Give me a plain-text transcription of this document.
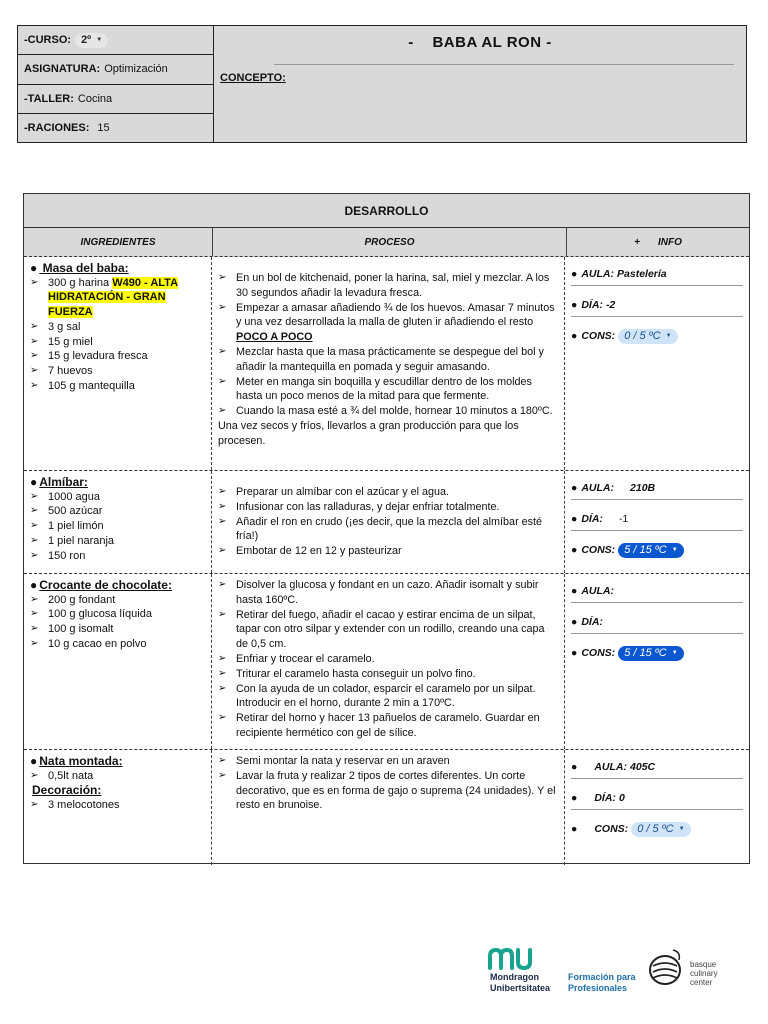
-CURSO: 2º ▼
ASIGNATURA: Optimización
-TALLER: Cocina
-RACIONES: 15
-    BABA AL RON -
CONCEPTO:
DESARROLLO
INGREDIENTES	PROCESO	+ INFO
● Masa del baba:
➢ 300 g harina W490 - ALTA HIDRATACIÓN - GRAN FUERZA
➢ 3 g sal
➢ 15 g miel
➢ 15 g levadura fresca
➢ 7 huevos
➢ 105 g mantequilla
➢ En un bol de kitchenaid, poner la harina, sal, miel y mezclar. A los 30 segundos añadir la levadura fresca.
➢ Empezar a amasar añadiendo ¾ de los huevos. Amasar 7 minutos y una vez desarrollada la malla de gluten ir añadiendo el resto POCO A POCO
➢ Mezclar hasta que la masa prácticamente se despegue del bol y añadir la mantequilla en pomada y seguir amasando.
➢ Meter en manga sin boquilla y escudillar dentro de los moldes hasta un poco menos de la mitad para que fermente.
➢ Cuando la masa esté a ¾ del molde, hornear 10 minutos a 180ºC.
Una vez secos y fríos, llevarlos a gran producción para que los procesen.
● AULA: Pastelería
● DÍA: -2
● CONS: 0 / 5 ºC ▼
● Almíbar:
➢ 1000 agua
➢ 500 azúcar
➢ 1 piel limón
➢ 1 piel naranja
➢ 150 ron
➢ Preparar un almíbar con el azúcar y el agua.
➢ Infusionar con las ralladuras, y dejar enfriar totalmente.
➢ Añadir el ron en crudo (¡es decir, que la mezcla del almíbar esté fría!)
➢ Embotar de 12 en 12 y pasteurizar
● AULA: 210B
● DÍA: -1
● CONS: 5 / 15 ºC ▼
● Crocante de chocolate:
➢ 200 g fondant
➢ 100 g glucosa líquida
➢ 100 g isomalt
➢ 10 g cacao en polvo
➢ Disolver la glucosa y fondant en un cazo. Añadir isomalt y subir hasta 160ºC.
➢ Retirar del fuego, añadir el cacao y estirar encima de un silpat, tapar con otro silpar y extender con un rodillo, creando una capa de 0,5 cm.
➢ Enfriar y trocear el caramelo.
➢ Triturar el caramelo hasta conseguir un polvo fino.
➢ Con la ayuda de un colador, esparcir el caramelo por un silpat. Introducir en el horno, durante 2 min a 170ºC.
➢ Retirar del horno y hacer 13 pañuelos de caramelo. Guardar en recipiente hermético con gel de sílice.
● AULA:
● DÍA:
● CONS: 5 / 15 ºC ▼
● Nata montada:
➢ 0,5lt nata
Decoración:
➢ 3 melocotones
➢ Semi montar la nata y reservar en un araven
➢ Lavar la fruta y realizar 2 tipos de cortes diferentes. Un corte decorativo, que es en forma de gajo o suprema (24 unidades). Y el resto en brunoise.
● AULA: 405C
● DÍA: 0
● CONS: 0 / 5 ºC ▼
Mondragon
Unibertsitatea
Formación para
Profesionales
basque
culinary
center
